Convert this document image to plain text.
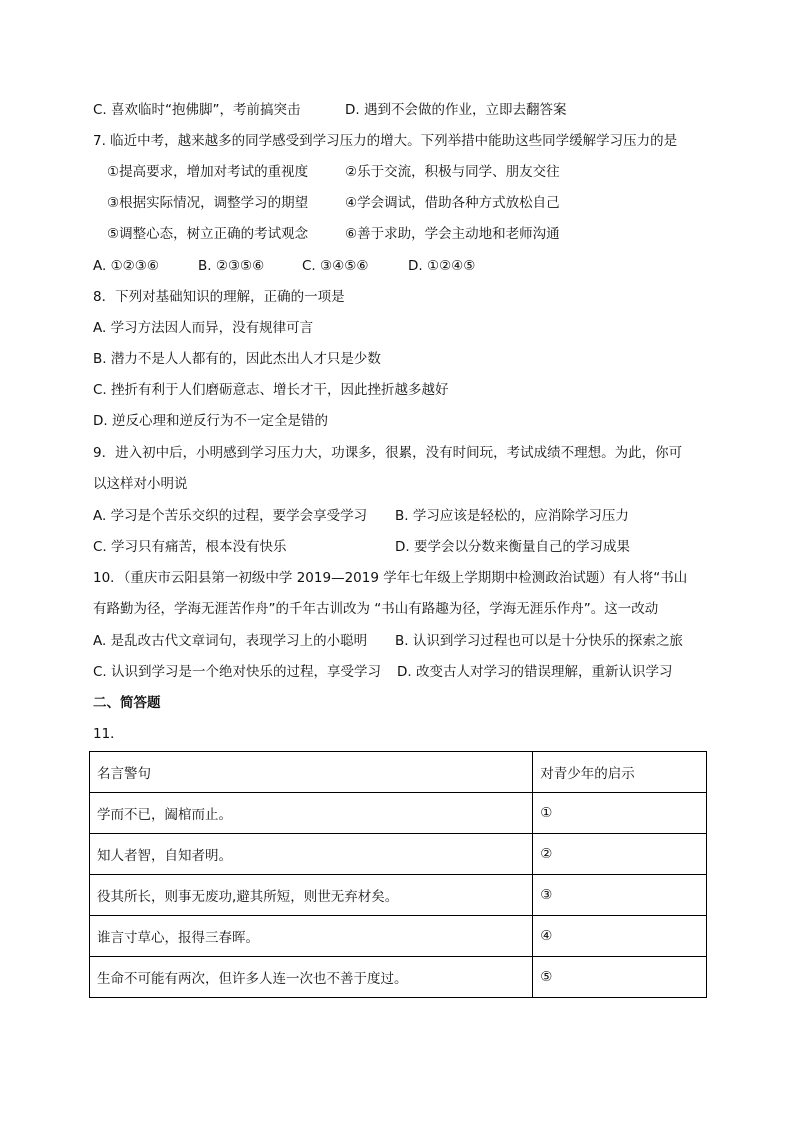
C. 喜欢临时“抱佛脚”，考前搞突击	D. 遇到不会做的作业，立即去翻答案
7. 临近中考，越来越多的同学感受到学习压力的增大。下列举措中能助这些同学缓解学习压力的是
①提高要求，增加对考试的重视度	②乐于交流，积极与同学、朋友交往
③根据实际情况，调整学习的期望	④学会调试，借助各种方式放松自己
⑤调整心态，树立正确的考试观念	⑥善于求助，学会主动地和老师沟通
A. ①②③⑥	B. ②③⑤⑥	C. ③④⑤⑥	D. ①②④⑤
8．下列对基础知识的理解，正确的一项是
A. 学习方法因人而异，没有规律可言
B. 潜力不是人人都有的，因此杰出人才只是少数
C. 挫折有利于人们磨砺意志、增长才干，因此挫折越多越好
D. 逆反心理和逆反行为不一定全是错的
9．进入初中后，小明感到学习压力大，功课多，很累，没有时间玩，考试成绩不理想。为此，你可
以这样对小明说
A. 学习是个苦乐交织的过程，要学会享受学习 B. 学习应该是轻松的，应消除学习压力
C. 学习只有痛苦，根本没有快乐	D. 要学会以分数来衡量自己的学习成果
10．（重庆市云阳县第一初级中学 2019—2019 学年七年级上学期期中检测政治试题）有人将“书山
有路勤为径，学海无涯苦作舟”的千年古训改为 “书山有路趣为径，学海无涯乐作舟”。这一改动
A. 是乱改古代文章词句，表现学习上的小聪明 B. 认识到学习过程也可以是十分快乐的探索之旅
C. 认识到学习是一个绝对快乐的过程，享受学习 D. 改变古人对学习的错误理解，重新认识学习
二、简答题
11．
名言警句	对青少年的启示
学而不已，阖棺而止。	①
知人者智，自知者明。	②
役其所长，则事无废功,避其所短，则世无弃材矣。	③
谁言寸草心，报得三春晖。	④
生命不可能有两次，但许多人连一次也不善于度过。	⑤
